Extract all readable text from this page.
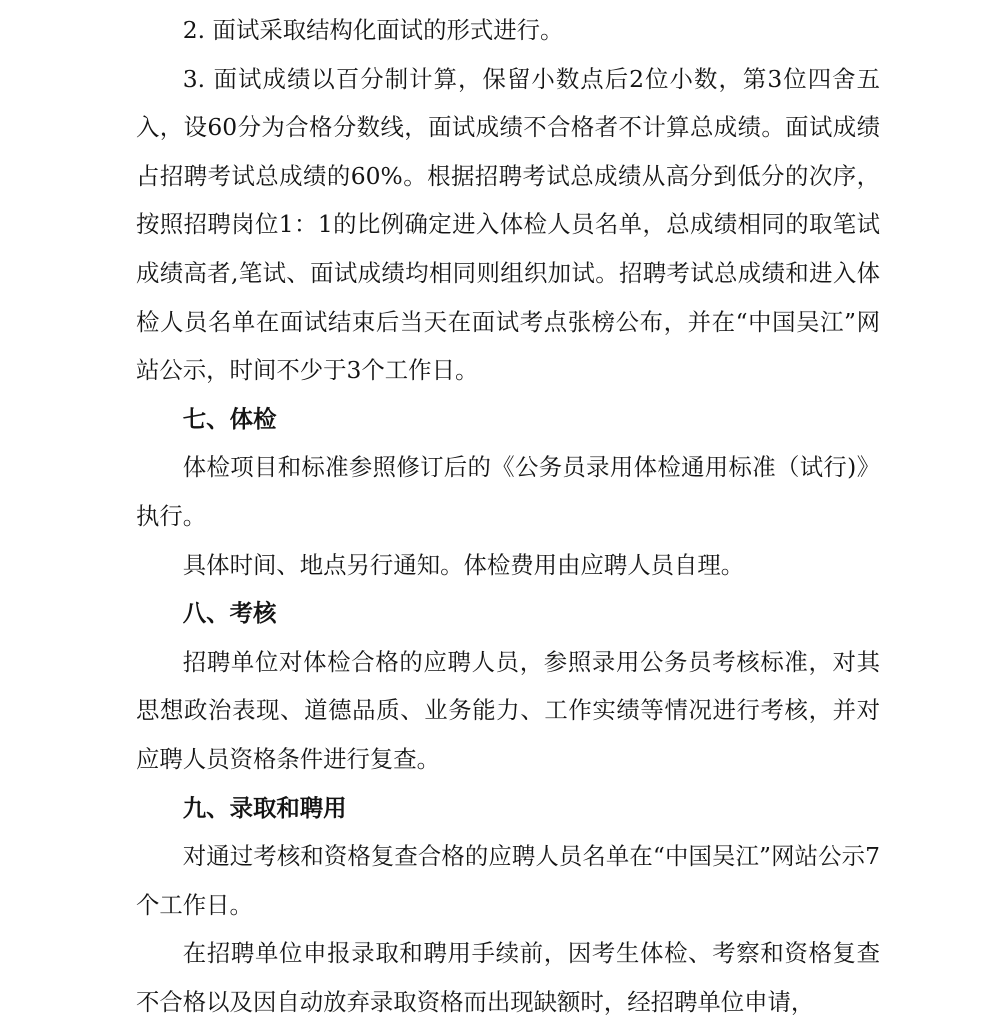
2. 面试采取结构化面试的形式进行。

3. 面试成绩以百分制计算，保留小数点后2位小数，第3位四舍五入，设60分为合格分数线，面试成绩不合格者不计算总成绩。面试成绩占招聘考试总成绩的60%。根据招聘考试总成绩从高分到低分的次序，按照招聘岗位1：1的比例确定进入体检人员名单，总成绩相同的取笔试成绩高者,笔试、面试成绩均相同则组织加试。招聘考试总成绩和进入体检人员名单在面试结束后当天在面试考点张榜公布，并在“中国吴江”网站公示，时间不少于3个工作日。

七、体检

体检项目和标准参照修订后的《公务员录用体检通用标准（试行)》执行。

具体时间、地点另行通知。体检费用由应聘人员自理。

八、考核

招聘单位对体检合格的应聘人员，参照录用公务员考核标准，对其思想政治表现、道德品质、业务能力、工作实绩等情况进行考核，并对应聘人员资格条件进行复查。

九、录取和聘用

对通过考核和资格复查合格的应聘人员名单在“中国吴江”网站公示7个工作日。

在招聘单位申报录取和聘用手续前，因考生体检、考察和资格复查不合格以及因自动放弃录取资格而出现缺额时，经招聘单位申请，
